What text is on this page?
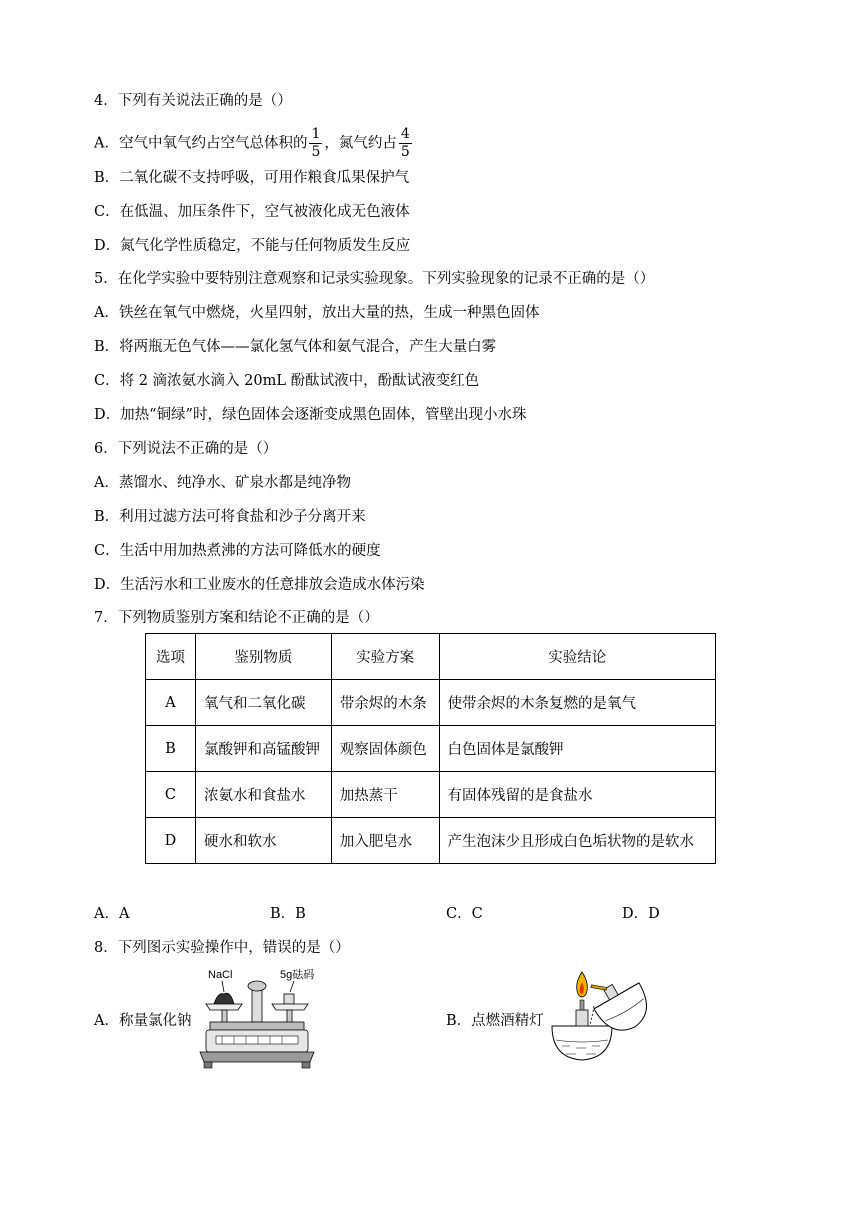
4．下列有关说法正确的是（）
A．空气中氧气约占空气总体积的 $\frac{1}{5}$ ，氮气约占 $\frac{4}{5}$
B．二氧化碳不支持呼吸，可用作粮食瓜果保护气
C．在低温、加压条件下，空气被液化成无色液体
D．氮气化学性质稳定，不能与任何物质发生反应
5．在化学实验中要特别注意观察和记录实验现象。下列实验现象的记录不正确的是（）
A．铁丝在氧气中燃烧，火星四射，放出大量的热，生成一种黑色固体
B．将两瓶无色气体——氯化氢气体和氨气混合，产生大量白雾
C．将 2 滴浓氨水滴入 20mL 酚酞试液中，酚酞试液变红色
D．加热“铜绿”时，绿色固体会逐渐变成黑色固体，管壁出现小水珠
6．下列说法不正确的是（）
A．蒸馏水、纯净水、矿泉水都是纯净物
B．利用过滤方法可将食盐和沙子分离开来
C．生活中用加热煮沸的方法可降低水的硬度
D．生活污水和工业废水的任意排放会造成水体污染
7．下列物质鉴别方案和结论不正确的是（）
选项	鉴别物质	实验方案	实验结论
A	氧气和二氧化碳	带余烬的木条	使带余烬的木条复燃的是氧气
B	氯酸钾和高锰酸钾	观察固体颜色	白色固体是氯酸钾
C	浓氨水和食盐水	加热蒸干	有固体残留的是食盐水
D	硬水和软水	加入肥皂水	产生泡沫少且形成白色垢状物的是软水
A．A	B．B	C．C	D．D
8．下列图示实验操作中，错误的是（）
A．称量氯化钠	B．点燃酒精灯
NaCl	5g砝码
